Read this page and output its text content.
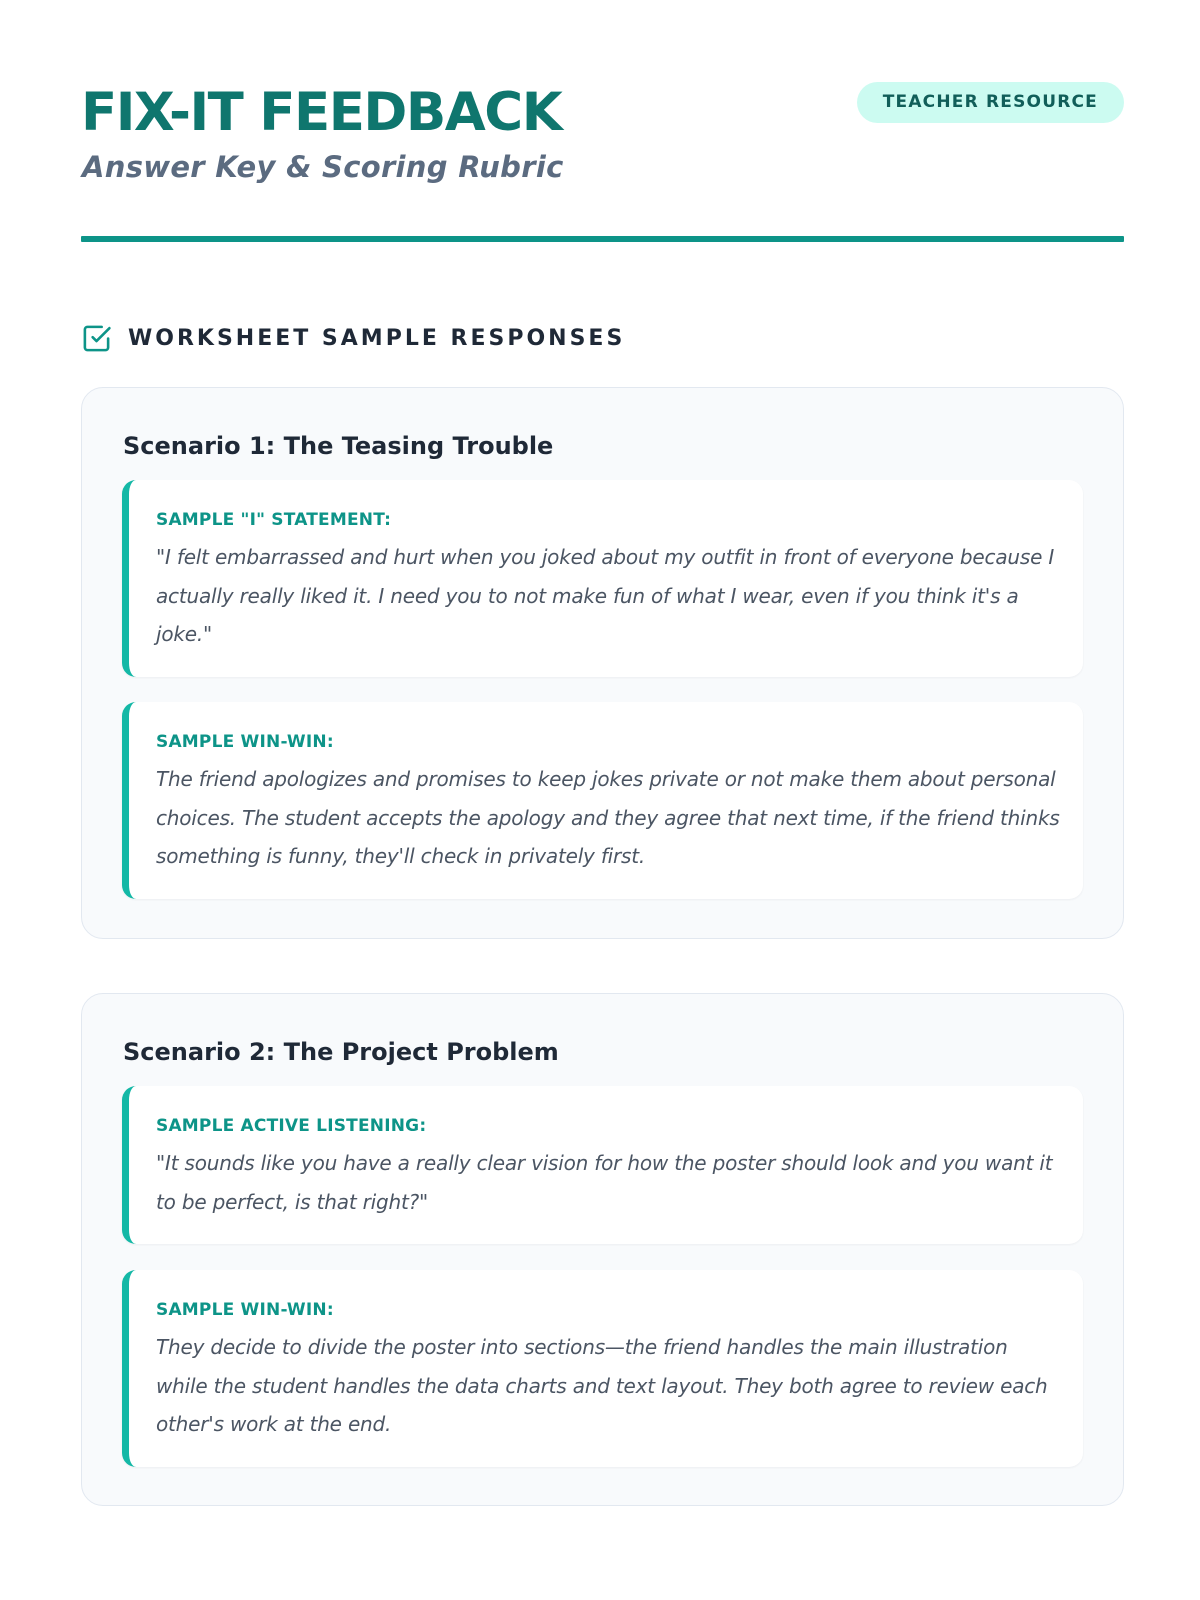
FIX-IT FEEDBACK
Answer Key & Scoring Rubric
TEACHER RESOURCE
WORKSHEET SAMPLE RESPONSES
Scenario 1: The Teasing Trouble
SAMPLE "I" STATEMENT:
"I felt embarrassed and hurt when you joked about my outfit in front of everyone because I actually really liked it. I need you to not make fun of what I wear, even if you think it's a joke."
SAMPLE WIN-WIN:
The friend apologizes and promises to keep jokes private or not make them about personal choices. The student accepts the apology and they agree that next time, if the friend thinks something is funny, they'll check in privately first.
Scenario 2: The Project Problem
SAMPLE ACTIVE LISTENING:
"It sounds like you have a really clear vision for how the poster should look and you want it to be perfect, is that right?"
SAMPLE WIN-WIN:
They decide to divide the poster into sections—the friend handles the main illustration while the student handles the data charts and text layout. They both agree to review each other's work at the end.
